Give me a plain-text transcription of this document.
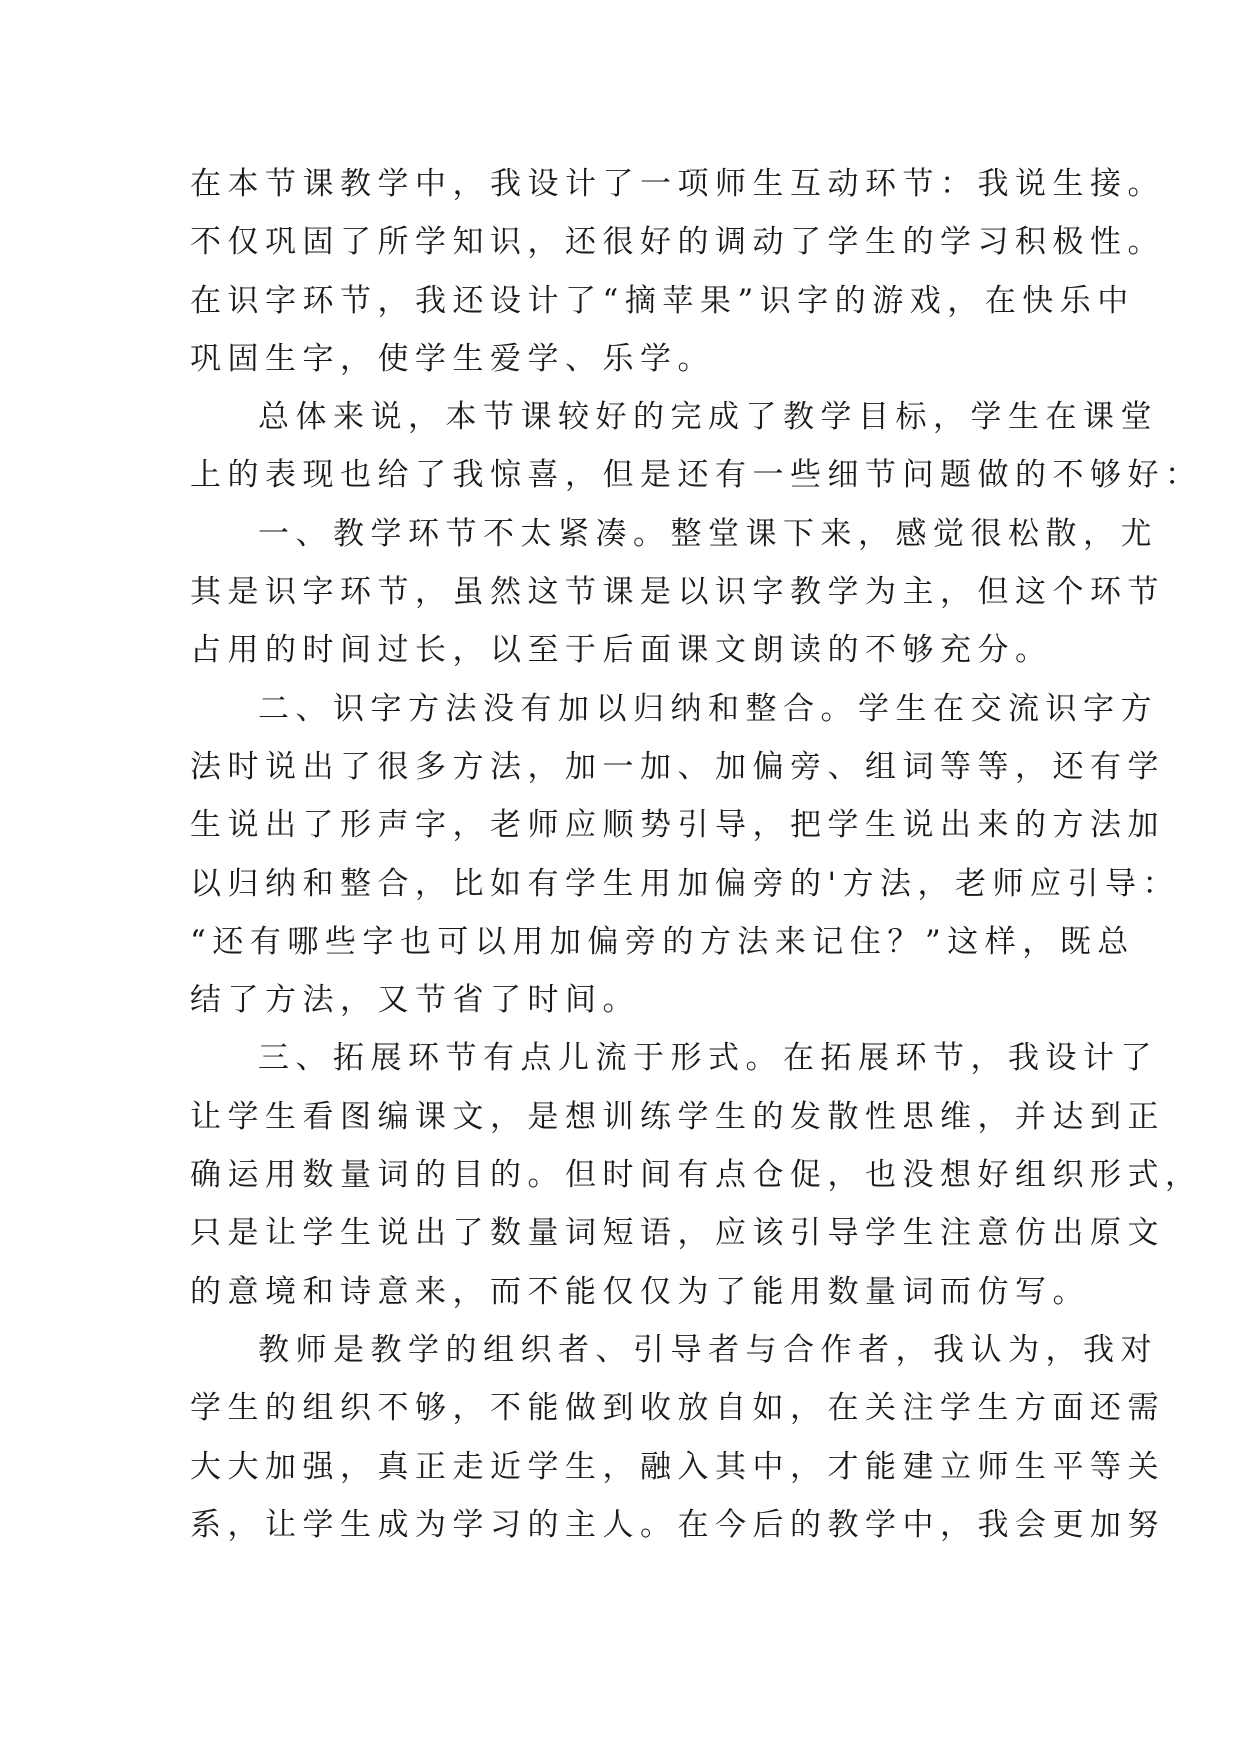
在本节课教学中，我设计了一项师生互动环节：我说生接。
不仅巩固了所学知识，还很好的调动了学生的学习积极性。
在识字环节，我还设计了“摘苹果”识字的游戏，在快乐中
巩固生字，使学生爱学、乐学。
总体来说，本节课较好的完成了教学目标，学生在课堂
上的表现也给了我惊喜，但是还有一些细节问题做的不够好：
一、教学环节不太紧凑。整堂课下来，感觉很松散，尤
其是识字环节，虽然这节课是以识字教学为主，但这个环节
占用的时间过长，以至于后面课文朗读的不够充分。
二、识字方法没有加以归纳和整合。学生在交流识字方
法时说出了很多方法，加一加、加偏旁、组词等等，还有学
生说出了形声字，老师应顺势引导，把学生说出来的方法加
以归纳和整合，比如有学生用加偏旁的'方法，老师应引导：
“还有哪些字也可以用加偏旁的方法来记住？”这样，既总
结了方法，又节省了时间。
三、拓展环节有点儿流于形式。在拓展环节，我设计了
让学生看图编课文，是想训练学生的发散性思维，并达到正
确运用数量词的目的。但时间有点仓促，也没想好组织形式，
只是让学生说出了数量词短语，应该引导学生注意仿出原文
的意境和诗意来，而不能仅仅为了能用数量词而仿写。
教师是教学的组织者、引导者与合作者，我认为，我对
学生的组织不够，不能做到收放自如，在关注学生方面还需
大大加强，真正走近学生，融入其中，才能建立师生平等关
系，让学生成为学习的主人。在今后的教学中，我会更加努
